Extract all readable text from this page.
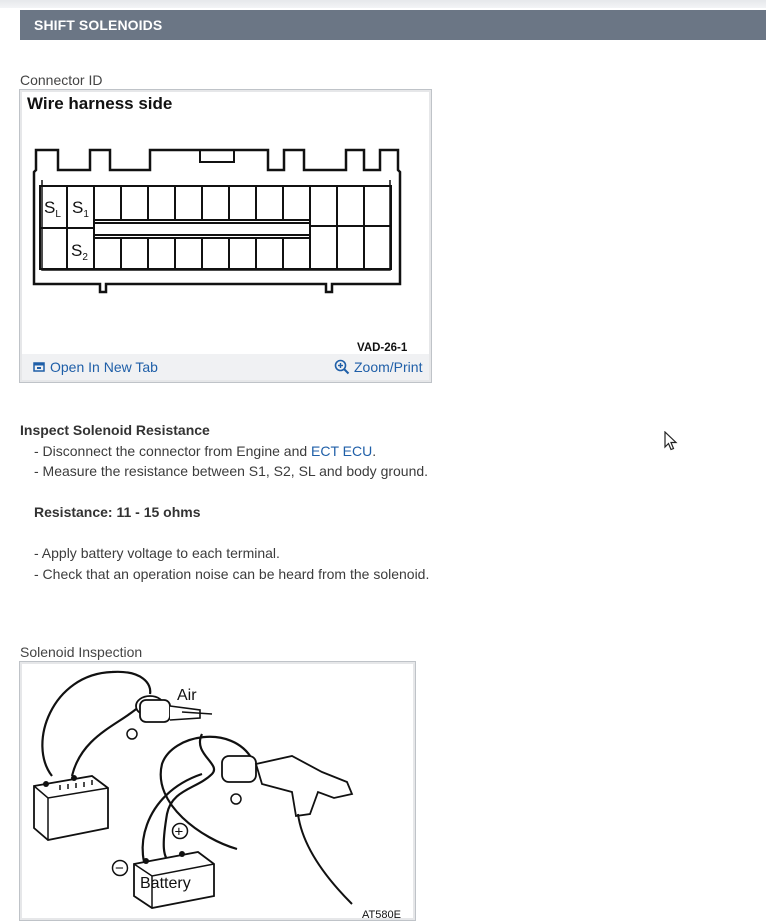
SHIFT SOLENOIDS
Connector ID
Wire harness side
$S_L$ $S_1$
$S_2$
VAD-26-1
Open In New Tab	Zoom/Print
Inspect Solenoid Resistance
- Disconnect the connector from Engine and ECT ECU.
- Measure the resistance between S1, S2, SL and body ground.
Resistance: 11 - 15 ohms
- Apply battery voltage to each terminal.
- Check that an operation noise can be heard from the solenoid.
Solenoid Inspection
Air
Battery
+
−
AT580E
